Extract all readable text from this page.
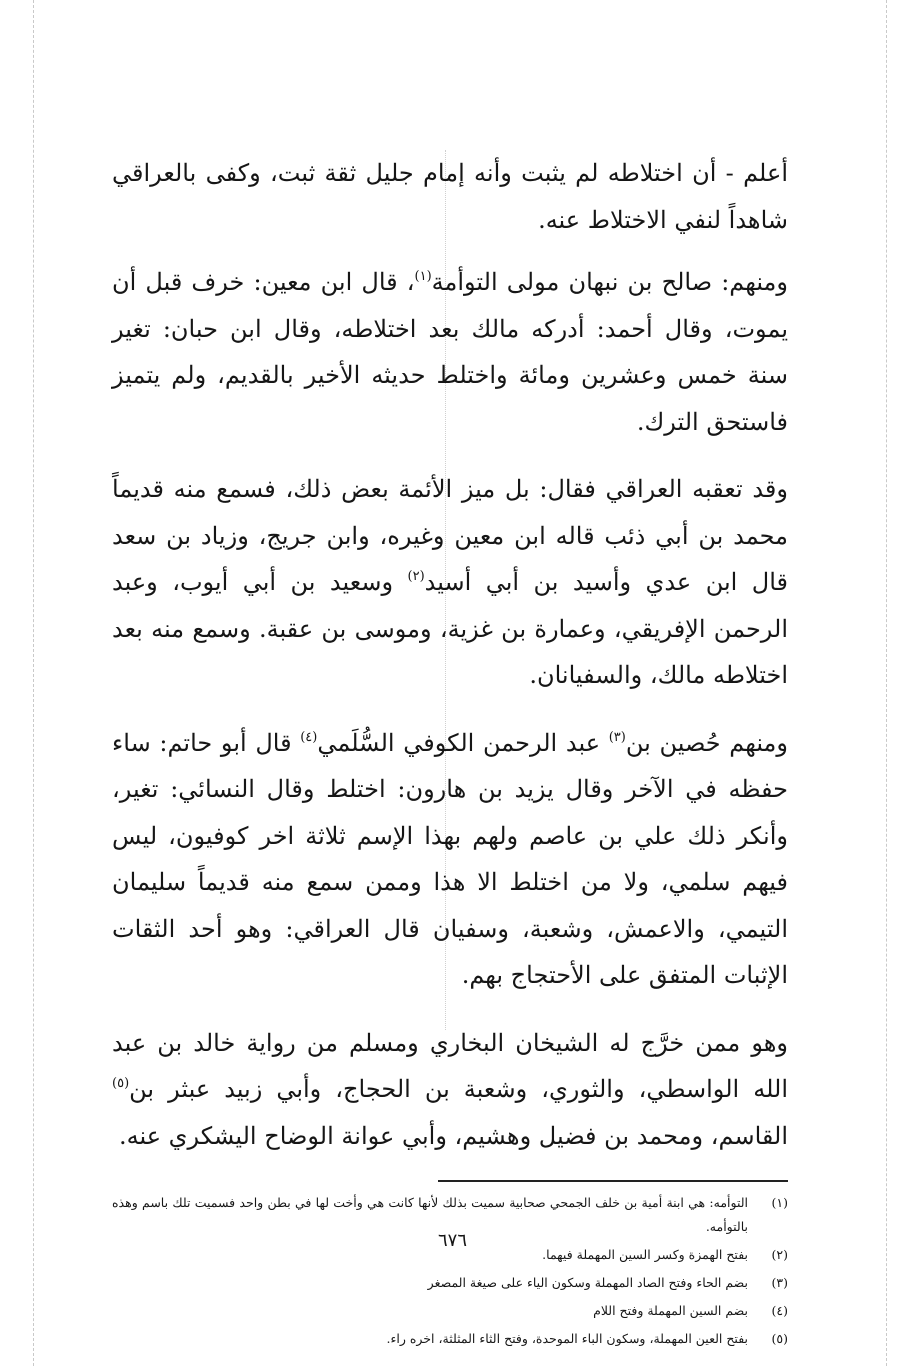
أعلم - أن اختلاطه لم يثبت وأنه إمام جليل ثقة ثبت، وكفى بالعراقي شاهداً لنفي الاختلاط عنه.

ومنهم: صالح بن نبهان مولى التوأمة$^{(١)}$، قال ابن معين: خرف قبل أن يموت، وقال أحمد: أدركه مالك بعد اختلاطه، وقال ابن حبان: تغير سنة خمس وعشرين ومائة واختلط حديثه الأخير بالقديم، ولم يتميز فاستحق الترك.

وقد تعقبه العراقي فقال: بل ميز الأئمة بعض ذلك، فسمع منه قديماً محمد بن أبي ذئب قاله ابن معين وغيره، وابن جريج، وزياد بن سعد قال ابن عدي وأسيد بن أبي أسيد$^{(٢)}$ وسعيد بن أبي أيوب، وعبد الرحمن الإفريقي، وعمارة بن غزية، وموسى بن عقبة. وسمع منه بعد اختلاطه مالك، والسفيانان.

ومنهم حُصين بن$^{(٣)}$ عبد الرحمن الكوفي السُّلَمي$^{(٤)}$ قال أبو حاتم: ساء حفظه في الآخر وقال يزيد بن هارون: اختلط وقال النسائي: تغير، وأنكر ذلك علي بن عاصم ولهم بهذا الإسم ثلاثة اخر كوفيون، ليس فيهم سلمي، ولا من اختلط الا هذا وممن سمع منه قديماً سليمان التيمي، والاعمش، وشعبة، وسفيان قال العراقي: وهو أحد الثقات الإثبات المتفق على الأحتجاج بهم.

وهو ممن خرَّج له الشيخان البخاري ومسلم من رواية خالد بن عبد الله الواسطي، والثوري، وشعبة بن الحجاج، وأبي زبيد عبثر بن$^{(٥)}$ القاسم، ومحمد بن فضيل وهشيم، وأبي عوانة الوضاح اليشكري عنه.

(١)
التوأمه: هي ابنة أمية بن خلف الجمحي صحابية سميت بذلك لأنها كانت هي وأخت لها في بطن واحد فسميت تلك باسم وهذه بالتوأمه.
(٢)
بفتح الهمزة وكسر السين المهملة فيهما.
(٣)
بضم الحاء وفتح الصاد المهملة وسكون الياء على صيغة المصغر
(٤)
بضم السين المهملة وفتح اللام
(٥)
بفتح العين المهملة، وسكون الباء الموحدة، وفتح الثاء المثلثة، اخره راء.
٦٧٦
